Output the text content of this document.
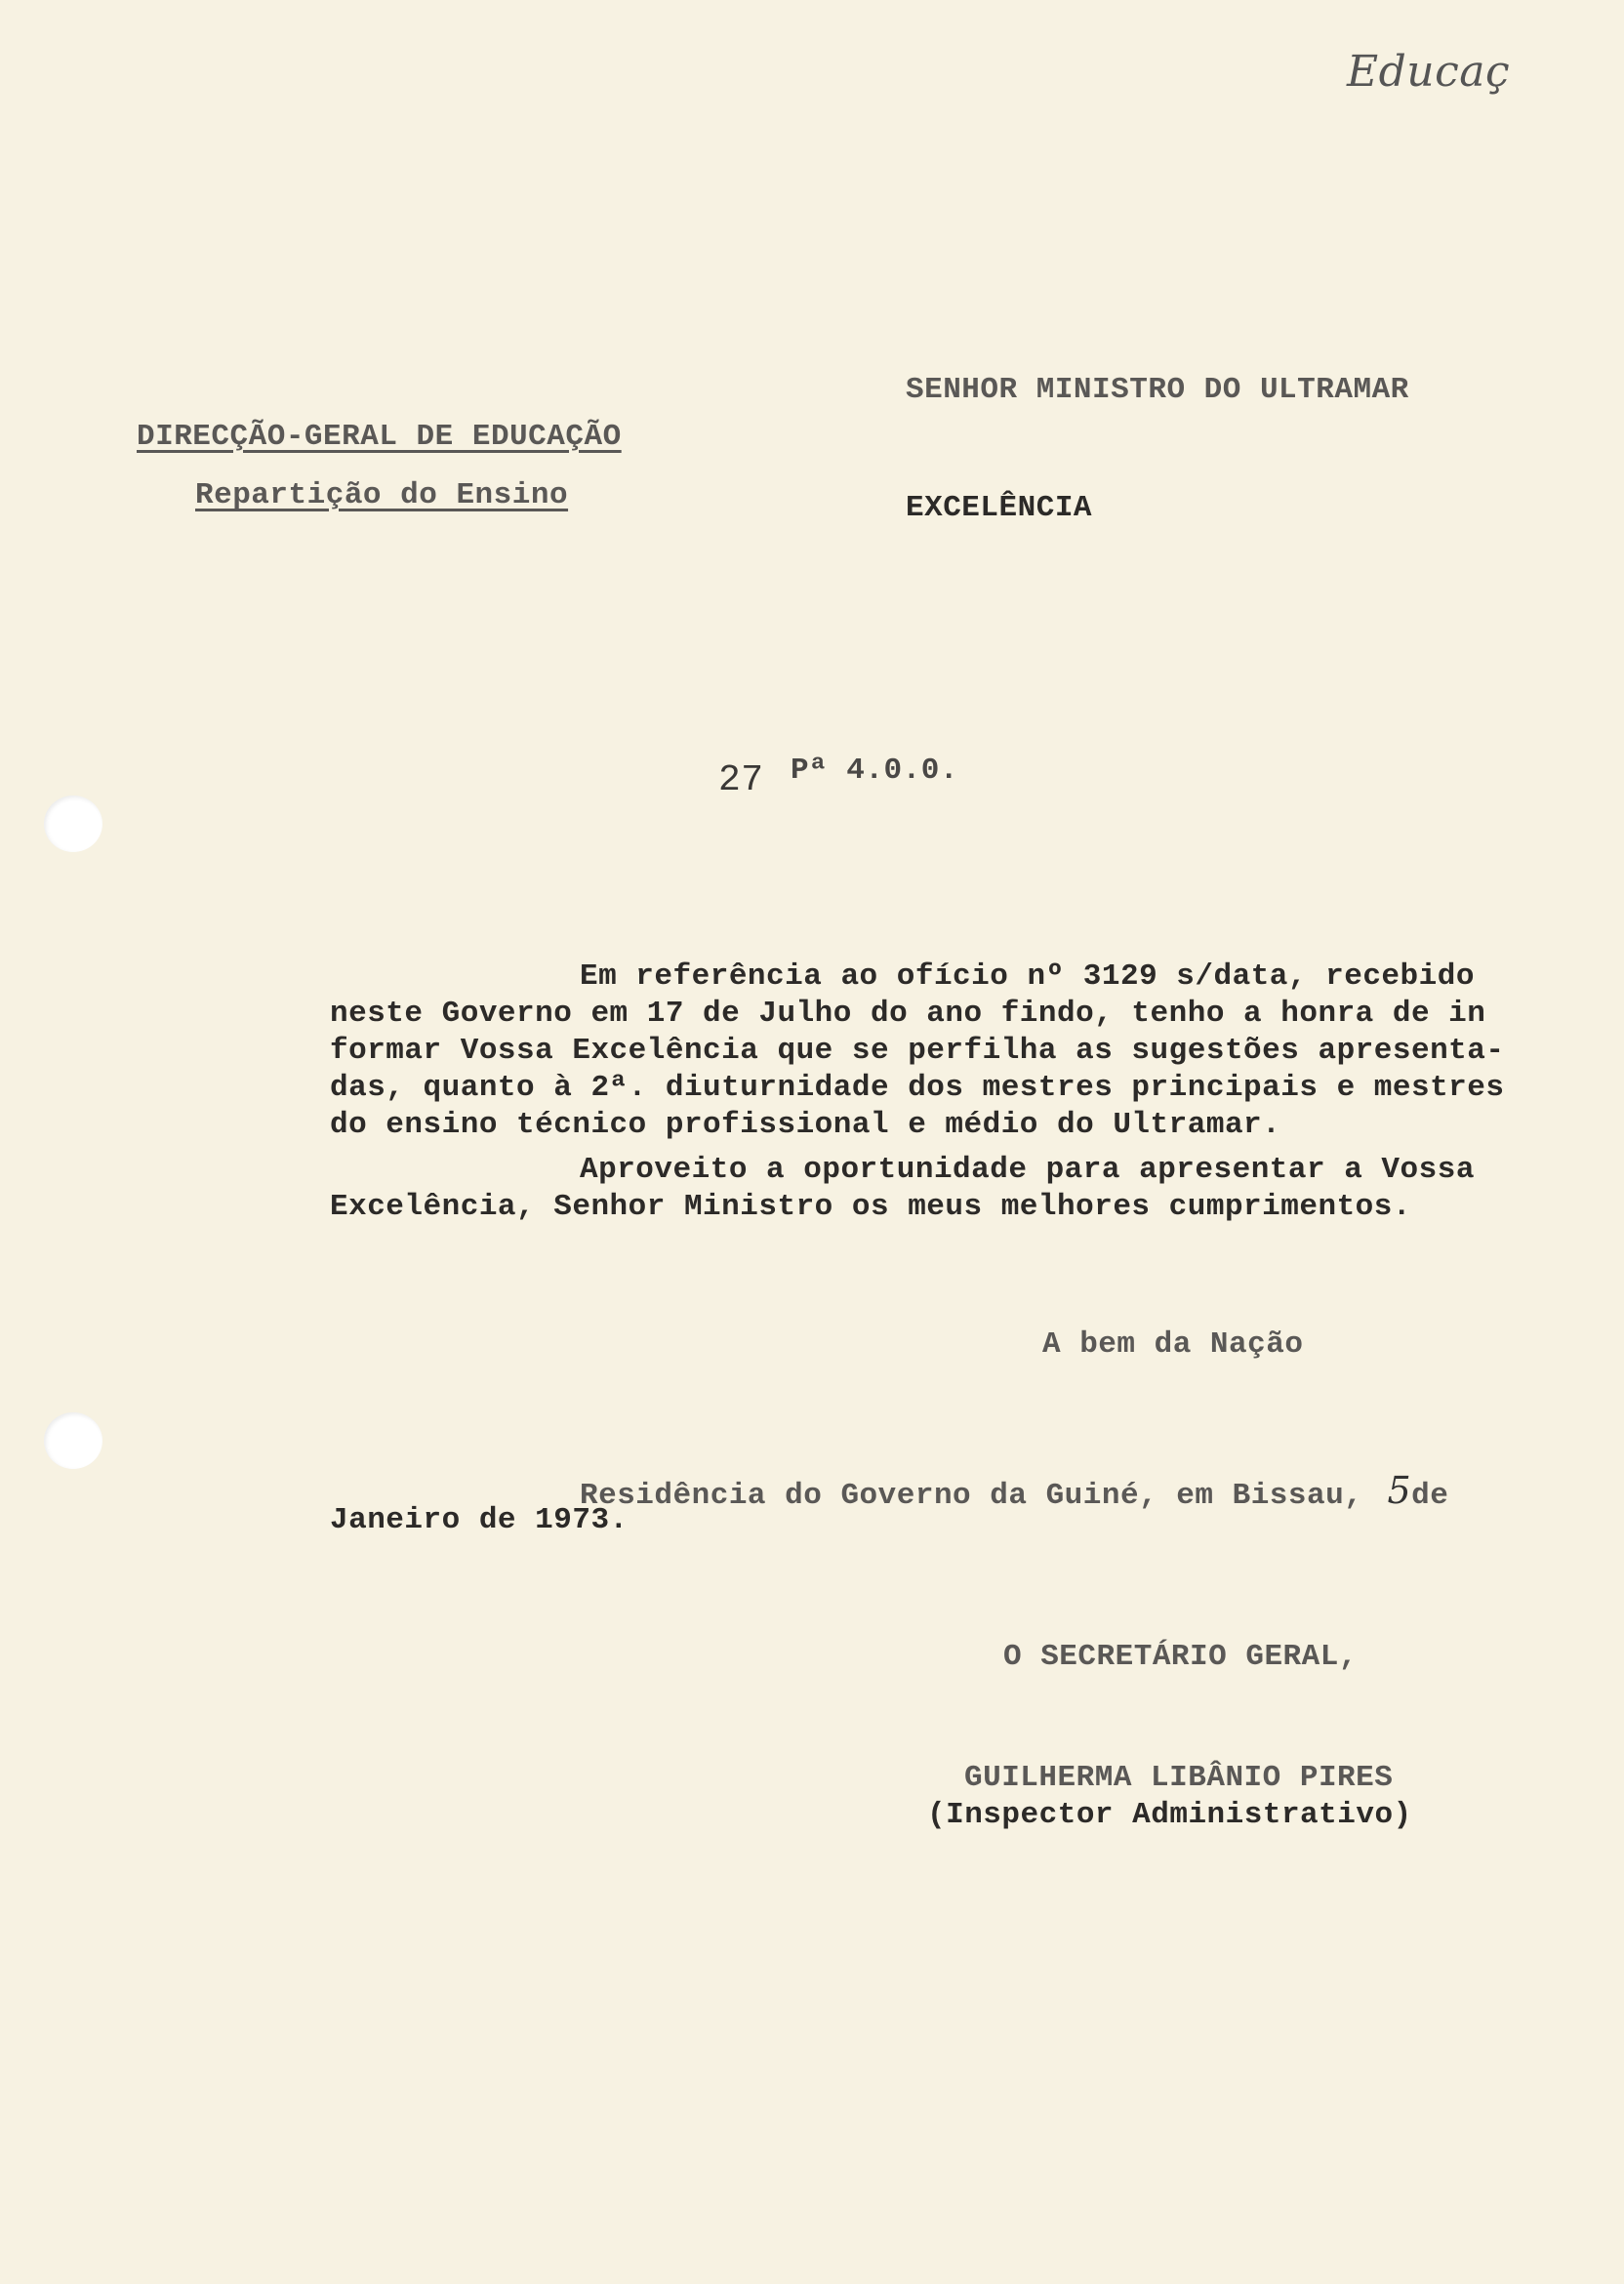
Educaç
SENHOR MINISTRO DO ULTRAMAR
EXCELÊNCIA
DIRECÇÃO-GERAL DE EDUCAÇÃO
Repartição do Ensino
27 Pª 4.0.0.
Em referência ao ofício nº 3129 s/data, recebido
neste Governo em 17 de Julho do ano findo, tenho a honra de in
formar Vossa Excelência que se perfilha as sugestões apresenta-
das, quanto à 2ª. diuturnidade dos mestres principais e mestres
do ensino técnico profissional e médio do Ultramar.
Aproveito a oportunidade para apresentar a Vossa
Excelência, Senhor Ministro os meus melhores cumprimentos.
A bem da Nação
Residência do Governo da Guiné, em Bissau, 5de
Janeiro de 1973.
O SECRETÁRIO GERAL,
GUILHERMA LIBÂNIO PIRES
(Inspector Administrativo)
